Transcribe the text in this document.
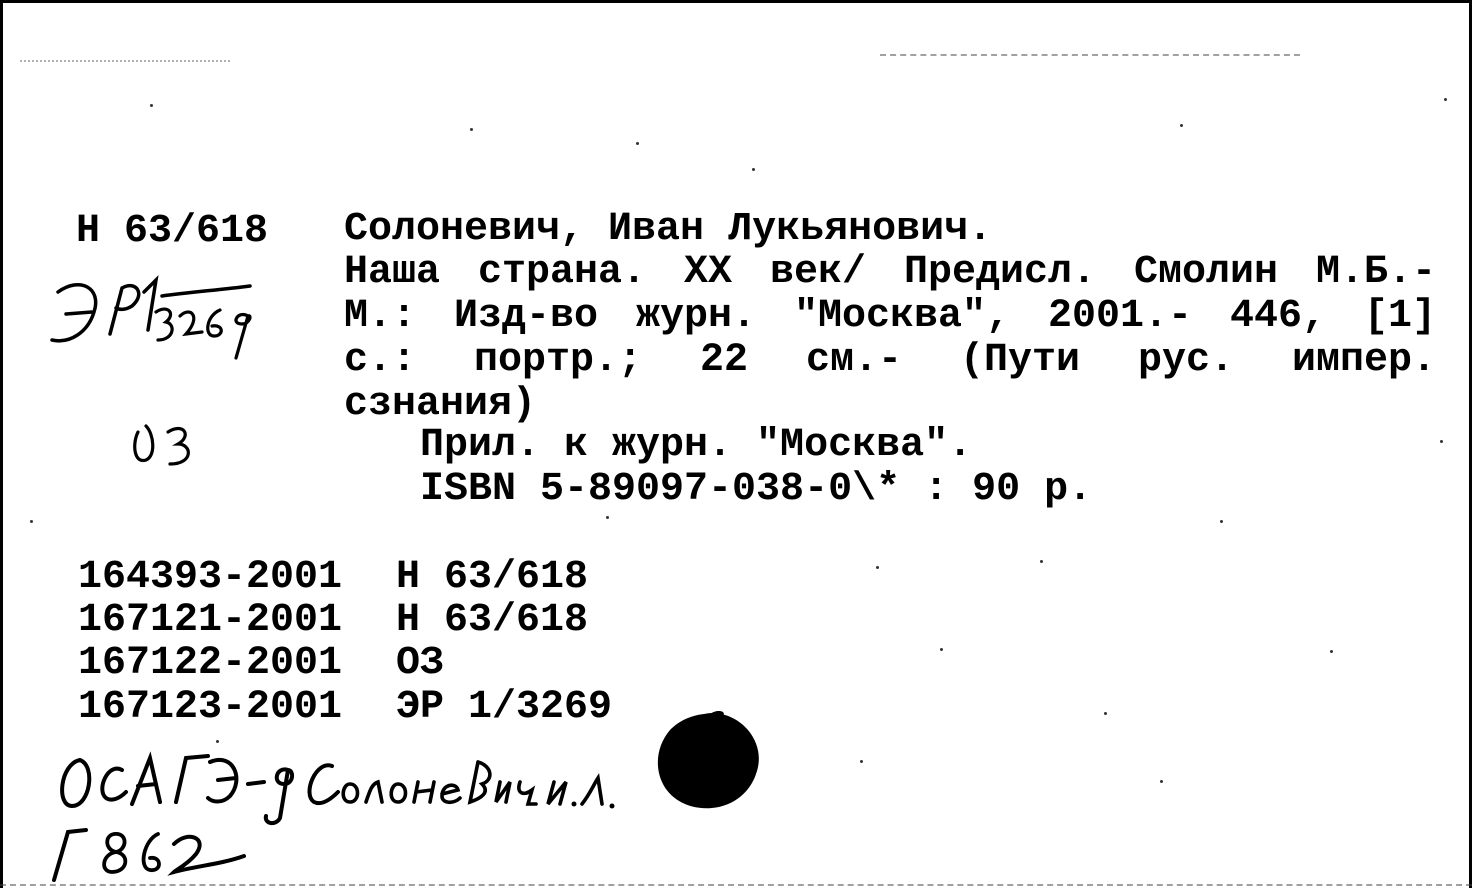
Н 63/618 Солоневич, Иван Лукьянович.
Наша страна. XX век/ Предисл. Смолин М.Б.-
М.: Изд-во журн. "Москва", 2001.- 446, [1]
с.: портр.; 22 см.- (Пути рус. импер.
сзнания)
Прил. к журн. "Москва".
ISBN 5-89097-038-0\* : 90 р.
164393-2001 Н 63/618
167121-2001 Н 63/618
167122-2001 ОЗ
167123-2001 ЭР 1/3269
